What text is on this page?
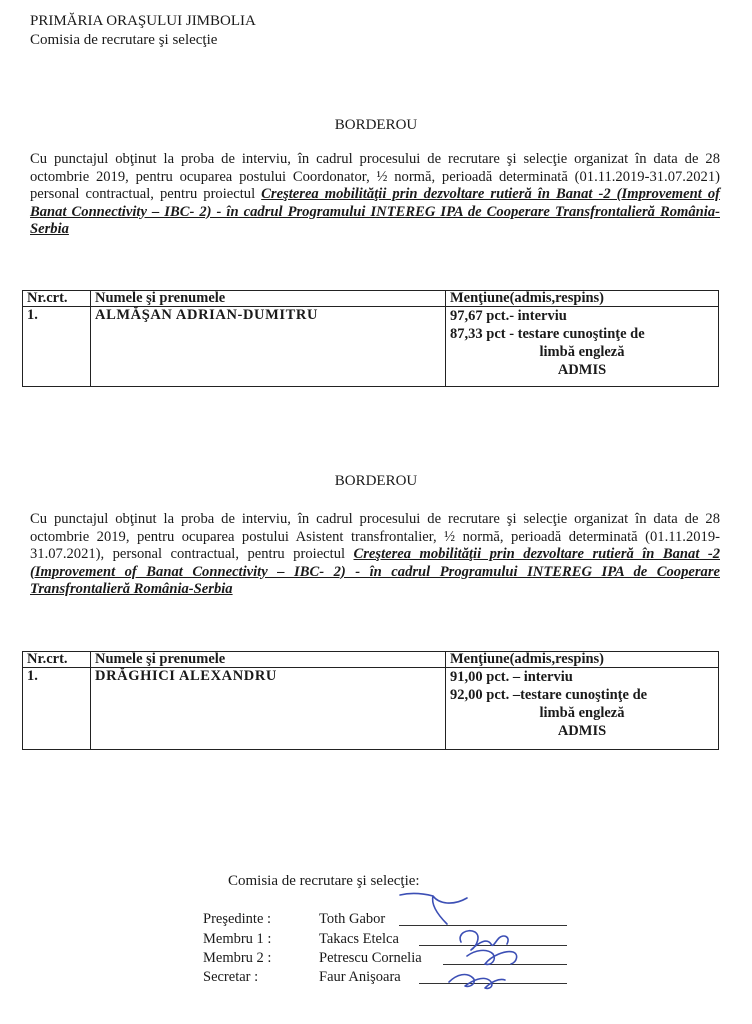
PRIMĂRIA ORAŞULUI JIMBOLIA
Comisia de recrutare şi selecţie
BORDEROU
Cu punctajul obţinut la proba de interviu, în cadrul procesului de recrutare şi selecţie organizat în data de 28 octombrie 2019, pentru ocuparea postului Coordonator, ½ normă, perioadă determinată (01.11.2019-31.07.2021) personal contractual, pentru proiectul Creşterea mobilităţii prin dezvoltare rutieră în Banat -2 (Improvement of Banat Connectivity – IBC- 2) - în cadrul Programului INTEREG IPA de Cooperare Transfrontalieră România-Serbia
Nr.crt.	Numele şi prenumele	Menţiune(admis,respins)
1.	ALMĂŞAN ADRIAN-DUMITRU	97,67 pct.- interviu
87,33 pct - testare cunoştinţe de
limbă engleză
ADMIS
BORDEROU
Cu punctajul obţinut la proba de interviu, în cadrul procesului de recrutare şi selecţie organizat în data de 28 octombrie 2019, pentru ocuparea postului Asistent transfrontalier, ½ normă, perioadă determinată (01.11.2019-31.07.2021), personal contractual, pentru proiectul Creşterea mobilităţii prin dezvoltare rutieră în Banat -2 (Improvement of Banat Connectivity – IBC- 2) - în cadrul Programului INTEREG IPA de Cooperare Transfrontalieră România-Serbia
Nr.crt.	Numele şi prenumele	Menţiune(admis,respins)
1.	DRĂGHICI ALEXANDRU	91,00 pct. – interviu
92,00 pct. –testare cunoştinţe de
limbă engleză
ADMIS
Comisia de recrutare şi selecţie:
Preşedinte :	Toth Gabor
Membru 1 :	Takacs Etelca
Membru 2 :	Petrescu Cornelia
Secretar :	Faur Anişoara
